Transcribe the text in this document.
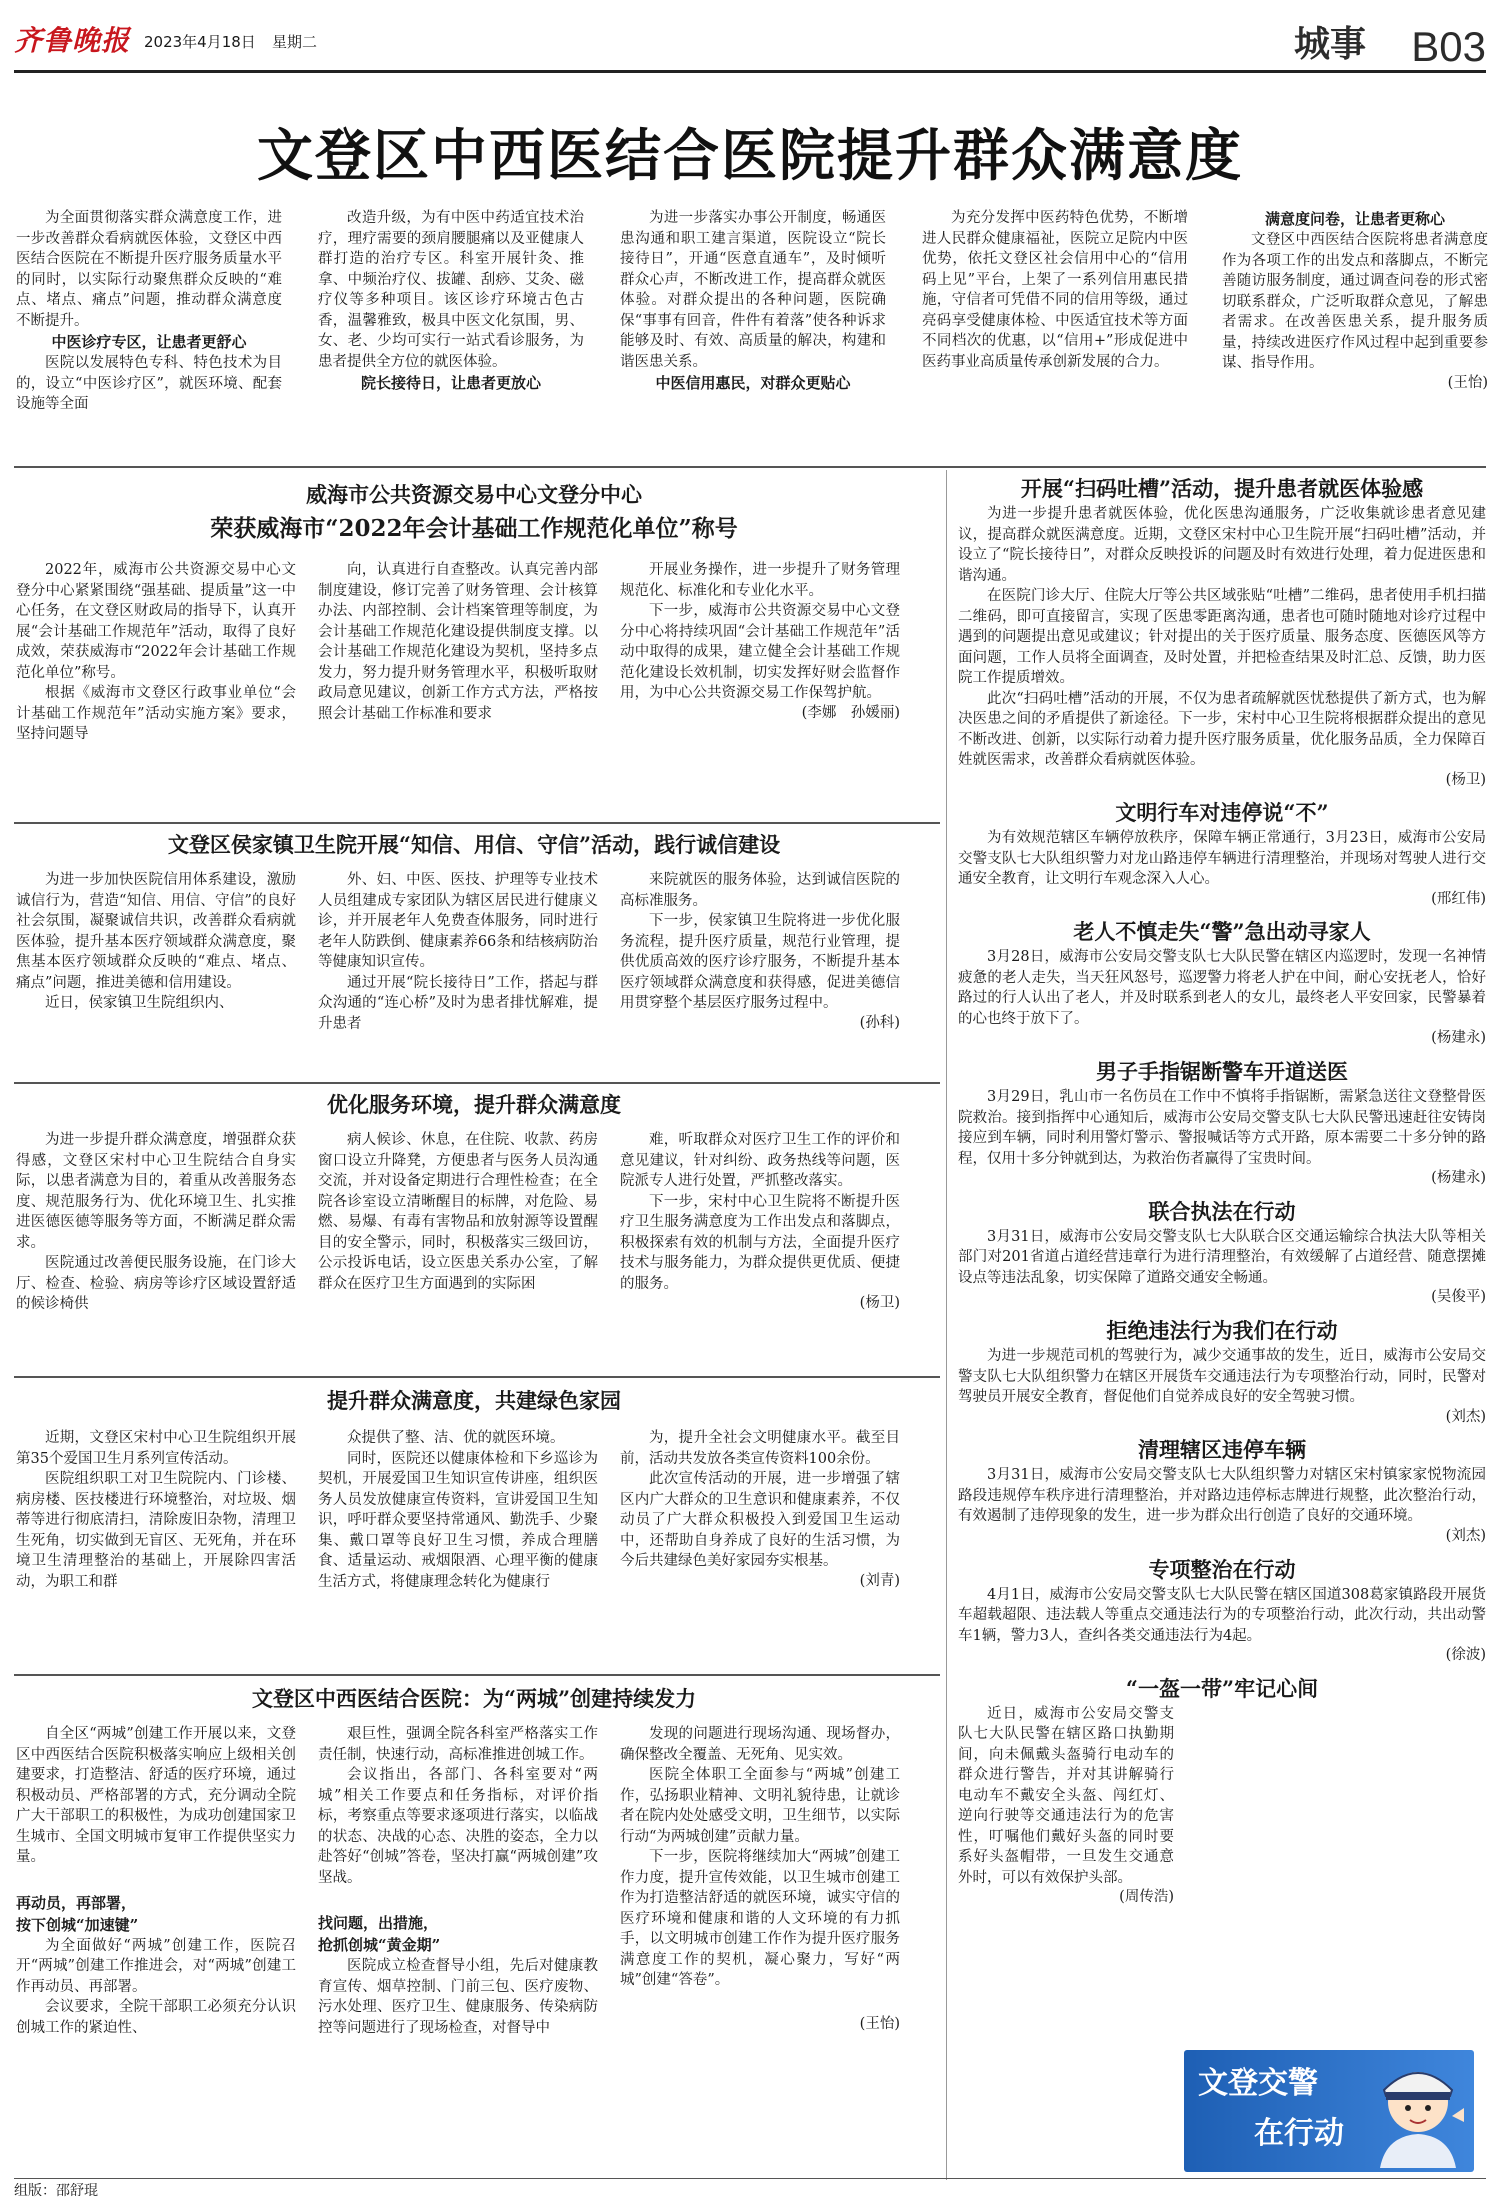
齐鲁晚报 2023年4月18日 星期二	城事 B03
文登区中西医结合医院提升群众满意度

为全面贯彻落实群众满意度工作，进一步改善群众看病就医体验，文登区中西医结合医院在不断提升医疗服务质量水平的同时，以实际行动聚焦群众反映的“难点、堵点、痛点”问题，推动群众满意度不断提升。

中医诊疗专区，让患者更舒心

医院以发展特色专科、特色技术为目的，设立“中医诊疗区”，就医环境、配套设施等全面

改造升级，为有中医中药适宜技术治疗，理疗需要的颈肩腰腿痛以及亚健康人群打造的治疗专区。科室开展针灸、推拿、中频治疗仪、拔罐、刮痧、艾灸、磁疗仪等多种项目。该区诊疗环境古色古香，温馨雅致，极具中医文化氛围，男、女、老、少均可实行一站式看诊服务，为患者提供全方位的就医体验。

院长接待日，让患者更放心

为进一步落实办事公开制度，畅通医患沟通和职工建言渠道，医院设立“院长接待日”，开通“医意直通车”，及时倾听群众心声，不断改进工作，提高群众就医体验。对群众提出的各种问题，医院确保“事事有回音，件件有着落”使各种诉求能够及时、有效、高质量的解决，构建和谐医患关系。

中医信用惠民，对群众更贴心

为充分发挥中医药特色优势，不断增进人民群众健康福祉，医院立足院内中医优势，依托文登区社会信用中心的“信用码上见”平台，上架了一系列信用惠民措施，守信者可凭借不同的信用等级，通过亮码享受健康体检、中医适宜技术等方面不同档次的优惠，以“信用+”形成促进中医药事业高质量传承创新发展的合力。

满意度问卷，让患者更称心

文登区中西医结合医院将患者满意度作为各项工作的出发点和落脚点，不断完善随访服务制度，通过调查问卷的形式密切联系群众，广泛听取群众意见，了解患者需求。在改善医患关系，提升服务质量，持续改进医疗作风过程中起到重要参谋、指导作用。

(王怡)
威海市公共资源交易中心文登分中心
荣获威海市“2022年会计基础工作规范化单位”称号

2022年，威海市公共资源交易中心文登分中心紧紧围绕“强基础、提质量”这一中心任务，在文登区财政局的指导下，认真开展“会计基础工作规范年”活动，取得了良好成效，荣获威海市“2022年会计基础工作规范化单位”称号。

根据《威海市文登区行政事业单位“会计基础工作规范年”活动实施方案》要求，坚持问题导

向，认真进行自查整改。认真完善内部制度建设，修订完善了财务管理、会计核算办法、内部控制、会计档案管理等制度，为会计基础工作规范化建设提供制度支撑。以会计基础工作规范化建设为契机，坚持多点发力，努力提升财务管理水平，积极听取财政局意见建议，创新工作方式方法，严格按照会计基础工作标准和要求

开展业务操作，进一步提升了财务管理规范化、标准化和专业化水平。

下一步，威海市公共资源交易中心文登分中心将持续巩固“会计基础工作规范年”活动中取得的成果，建立健全会计基础工作规范化建设长效机制，切实发挥好财会监督作用，为中心公共资源交易工作保驾护航。

(李娜　孙媛丽)
文登区侯家镇卫生院开展“知信、用信、守信”活动，践行诚信建设

为进一步加快医院信用体系建设，激励诚信行为，营造“知信、用信、守信”的良好社会氛围，凝聚诚信共识，改善群众看病就医体验，提升基本医疗领域群众满意度，聚焦基本医疗领域群众反映的“难点、堵点、痛点”问题，推进美德和信用建设。

近日，侯家镇卫生院组织内、

外、妇、中医、医技、护理等专业技术人员组建成专家团队为辖区居民进行健康义诊，并开展老年人免费查体服务，同时进行老年人防跌倒、健康素养66条和结核病防治等健康知识宣传。

通过开展“院长接待日”工作，搭起与群众沟通的“连心桥”及时为患者排忧解难，提升患者

来院就医的服务体验，达到诚信医院的高标准服务。

下一步，侯家镇卫生院将进一步优化服务流程，提升医疗质量，规范行业管理，提供优质高效的医疗诊疗服务，不断提升基本医疗领域群众满意度和获得感，促进美德信用贯穿整个基层医疗服务过程中。

(孙科)
优化服务环境，提升群众满意度

为进一步提升群众满意度，增强群众获得感，文登区宋村中心卫生院结合自身实际，以患者满意为目的，着重从改善服务态度、规范服务行为、优化环境卫生、扎实推进医德医德等服务等方面，不断满足群众需求。

医院通过改善便民服务设施，在门诊大厅、检查、检验、病房等诊疗区域设置舒适的候诊椅供

病人候诊、休息，在住院、收款、药房窗口设立升降凳，方便患者与医务人员沟通交流，并对设备定期进行合理性检查；在全院各诊室设立清晰醒目的标牌，对危险、易燃、易爆、有毒有害物品和放射源等设置醒目的安全警示，同时，积极落实三级回访，公示投诉电话，设立医患关系办公室，了解群众在医疗卫生方面遇到的实际困

难，听取群众对医疗卫生工作的评价和意见建议，针对纠纷、政务热线等问题，医院派专人进行处置，严抓整改落实。

下一步，宋村中心卫生院将不断提升医疗卫生服务满意度为工作出发点和落脚点，积极探索有效的机制与方法，全面提升医疗技术与服务能力，为群众提供更优质、便捷的服务。

(杨卫)
提升群众满意度，共建绿色家园

近期，文登区宋村中心卫生院组织开展第35个爱国卫生月系列宣传活动。

医院组织职工对卫生院院内、门诊楼、病房楼、医技楼进行环境整治，对垃圾、烟蒂等进行彻底清扫，清除废旧杂物，清理卫生死角，切实做到无盲区、无死角，并在环境卫生清理整治的基础上，开展除四害活动，为职工和群

众提供了整、洁、优的就医环境。

同时，医院还以健康体检和下乡巡诊为契机，开展爱国卫生知识宣传讲座，组织医务人员发放健康宣传资料，宣讲爱国卫生知识，呼吁群众要坚持常通风、勤洗手、少聚集、戴口罩等良好卫生习惯，养成合理膳食、适量运动、戒烟限酒、心理平衡的健康生活方式，将健康理念转化为健康行

为，提升全社会文明健康水平。截至目前，活动共发放各类宣传资料100余份。

此次宣传活动的开展，进一步增强了辖区内广大群众的卫生意识和健康素养，不仅动员了广大群众积极投入到爱国卫生运动中，还帮助自身养成了良好的生活习惯，为今后共建绿色美好家园夯实根基。

(刘青)
文登区中西医结合医院：为“两城”创建持续发力

自全区“两城”创建工作开展以来，文登区中西医结合医院积极落实响应上级相关创建要求，打造整洁、舒适的医疗环境，通过积极动员、严格部署的方式，充分调动全院广大干部职工的积极性，为成功创建国家卫生城市、全国文明城市复审工作提供坚实力量。

再动员，再部署，
按下创城“加速键”

为全面做好“两城”创建工作，医院召开“两城”创建工作推进会，对“两城”创建工作再动员、再部署。

会议要求，全院干部职工必须充分认识创城工作的紧迫性、

艰巨性，强调全院各科室严格落实工作责任制，快速行动，高标准推进创城工作。

会议指出，各部门、各科室要对“两城”相关工作要点和任务指标，对评价指标，考察重点等要求逐项进行落实，以临战的状态、决战的心态、决胜的姿态，全力以赴答好“创城”答卷，坚决打赢“两城创建”攻坚战。

找问题，出措施，
抢抓创城“黄金期”

医院成立检查督导小组，先后对健康教育宣传、烟草控制、门前三包、医疗废物、污水处理、医疗卫生、健康服务、传染病防控等问题进行了现场检查，对督导中

发现的问题进行现场沟通、现场督办，确保整改全覆盖、无死角、见实效。

医院全体职工全面参与“两城”创建工作，弘扬职业精神、文明礼貌待患，让就诊者在院内处处感受文明，卫生细节，以实际行动“为两城创建”贡献力量。

下一步，医院将继续加大“两城”创建工作力度，提升宣传效能，以卫生城市创建工作为打造整洁舒适的就医环境，诚实守信的医疗环境和健康和谐的人文环境的有力抓手，以文明城市创建工作作为提升医疗服务满意度工作的契机，凝心聚力，写好“两城”创建“答卷”。

(王怡)
开展“扫码吐槽”活动，提升患者就医体验感

为进一步提升患者就医体验，优化医患沟通服务，广泛收集就诊患者意见建议，提高群众就医满意度。近期，文登区宋村中心卫生院开展“扫码吐槽”活动，并设立了“院长接待日”，对群众反映投诉的问题及时有效进行处理，着力促进医患和谐沟通。

在医院门诊大厅、住院大厅等公共区域张贴“吐槽”二维码，患者使用手机扫描二维码，即可直接留言，实现了医患零距离沟通，患者也可随时随地对诊疗过程中遇到的问题提出意见或建议；针对提出的关于医疗质量、服务态度、医德医风等方面问题，工作人员将全面调查，及时处置，并把检查结果及时汇总、反馈，助力医院工作提质增效。

此次“扫码吐槽”活动的开展，不仅为患者疏解就医忧愁提供了新方式，也为解决医患之间的矛盾提供了新途径。下一步，宋村中心卫生院将根据群众提出的意见不断改进、创新，以实际行动着力提升医疗服务质量，优化服务品质，全力保障百姓就医需求，改善群众看病就医体验。

(杨卫)
文明行车对违停说“不”

为有效规范辖区车辆停放秩序，保障车辆正常通行，3月23日，威海市公安局交警支队七大队组织警力对龙山路违停车辆进行清理整治，并现场对驾驶人进行交通安全教育，让文明行车观念深入人心。

(邢红伟)
老人不慎走失“警”急出动寻家人

3月28日，威海市公安局交警支队七大队民警在辖区内巡逻时，发现一名神情疲惫的老人走失，当天狂风怒号，巡逻警力将老人护在中间，耐心安抚老人，恰好路过的行人认出了老人，并及时联系到老人的女儿，最终老人平安回家，民警暴着的心也终于放下了。

(杨建永)
男子手指锯断警车开道送医

3月29日，乳山市一名伤员在工作中不慎将手指锯断，需紧急送往文登整骨医院救治。接到指挥中心通知后，威海市公安局交警支队七大队民警迅速赶往安铸岗接应到车辆，同时利用警灯警示、警报喊话等方式开路，原本需要二十多分钟的路程，仅用十多分钟就到达，为救治伤者赢得了宝贵时间。

(杨建永)
联合执法在行动

3月31日，威海市公安局交警支队七大队联合区交通运输综合执法大队等相关部门对201省道占道经营违章行为进行清理整治，有效缓解了占道经营、随意摆摊设点等违法乱象，切实保障了道路交通安全畅通。

(吴俊平)
拒绝违法行为我们在行动

为进一步规范司机的驾驶行为，减少交通事故的发生，近日，威海市公安局交警支队七大队组织警力在辖区开展货车交通违法行为专项整治行动，同时，民警对驾驶员开展安全教育，督促他们自觉养成良好的安全驾驶习惯。

(刘杰)
清理辖区违停车辆

3月31日，威海市公安局交警支队七大队组织警力对辖区宋村镇家家悦物流园路段违规停车秩序进行清理整治，并对路边违停标志牌进行规整，此次整治行动，有效遏制了违停现象的发生，进一步为群众出行创造了良好的交通环境。

(刘杰)
专项整治在行动

4月1日，威海市公安局交警支队七大队民警在辖区国道308葛家镇路段开展货车超载超限、违法载人等重点交通违法行为的专项整治行动，此次行动，共出动警车1辆，警力3人，查纠各类交通违法行为4起。

(徐波)
“一盔一带”牢记心间

近日，威海市公安局交警支队七大队民警在辖区路口执勤期间，向未佩戴头盔骑行电动车的群众进行警告，并对其讲解骑行电动车不戴安全头盔、闯红灯、逆向行驶等交通违法行为的危害性，叮嘱他们戴好头盔的同时要系好头盔帽带，一旦发生交通意外时，可以有效保护头部。

(周传浩)
文登交警
在行动
组版：邵舒琨
